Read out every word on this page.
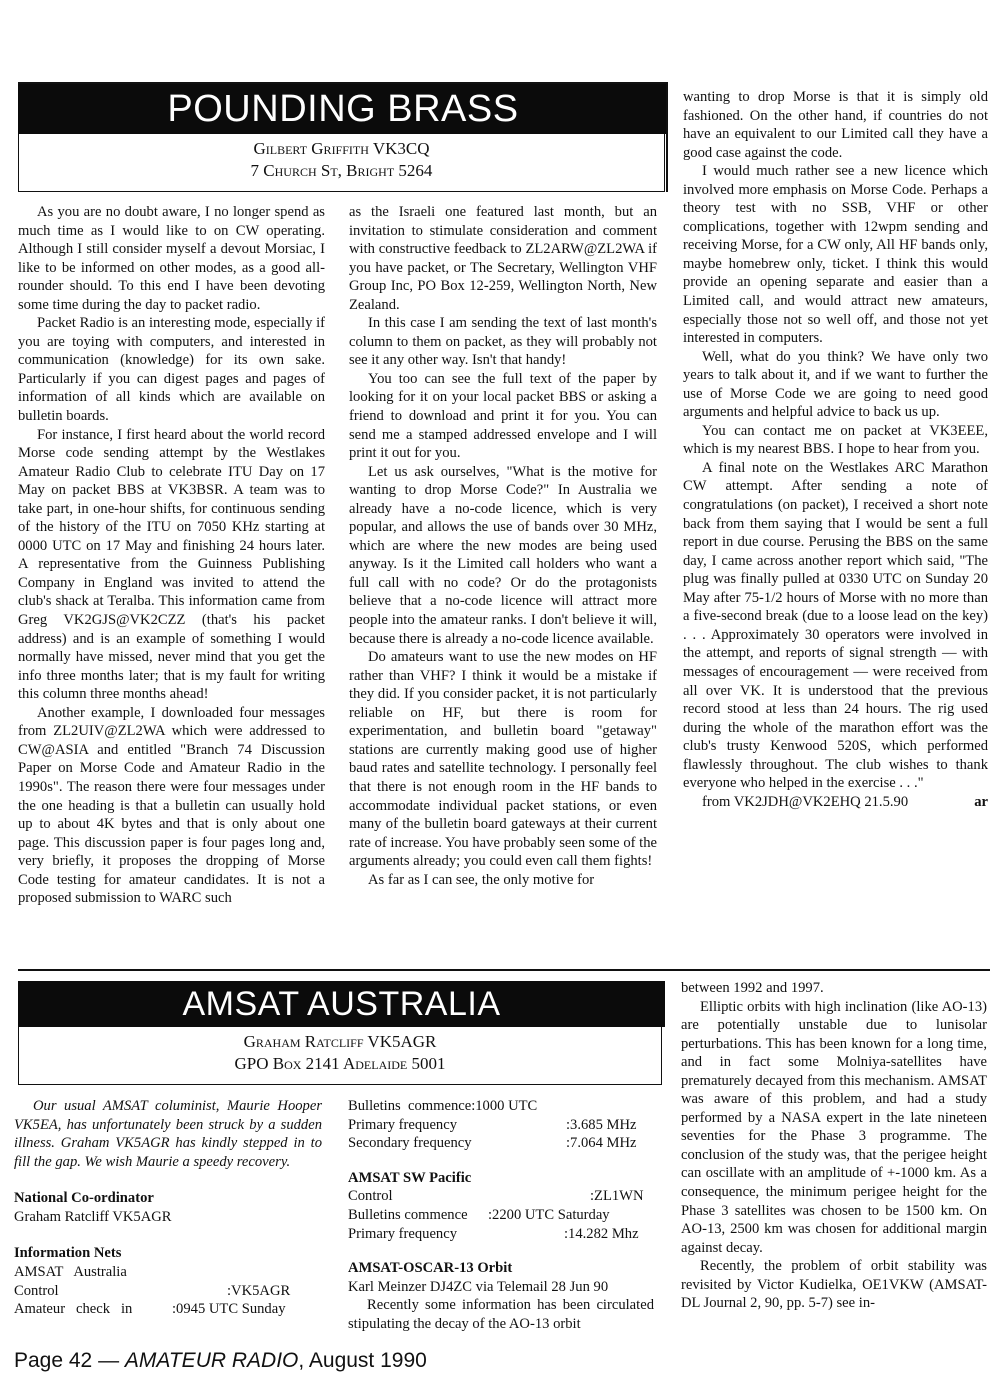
POUNDING BRASS
Gilbert Griffith VK3CQ
7 Church St, Bright 5264

As you are no doubt aware, I no longer spend as much time as I would like to on CW operating. Although I still consider myself a devout Morsiac, I like to be informed on other modes, as a good all-rounder should. To this end I have been devoting some time during the day to packet radio.

Packet Radio is an interesting mode, especially if you are toying with computers, and interested in communication (knowledge) for its own sake. Particularly if you can digest pages and pages of information of all kinds which are available on bulletin boards.

For instance, I first heard about the world record Morse code sending attempt by the Westlakes Amateur Radio Club to celebrate ITU Day on 17 May on packet BBS at VK3BSR. A team was to take part, in one-hour shifts, for continuous sending of the history of the ITU on 7050 KHz starting at 0000 UTC on 17 May and finishing 24 hours later. A representative from the Guinness Publishing Company in England was invited to attend the club's shack at Teralba. This information came from Greg VK2GJS@VK2CZZ (that's his packet address) and is an example of something I would normally have missed, never mind that you get the info three months later; that is my fault for writing this column three months ahead!

Another example, I downloaded four messages from ZL2UIV@ZL2WA which were addressed to CW@ASIA and entitled "Branch 74 Discussion Paper on Morse Code and Amateur Radio in the 1990s". The reason there were four messages under the one heading is that a bulletin can usually hold up to about 4K bytes and that is only about one page. This discussion paper is four pages long and, very briefly, it proposes the dropping of Morse Code testing for amateur candidates. It is not a proposed submission to WARC such

as the Israeli one featured last month, but an invitation to stimulate consideration and comment with constructive feedback to ZL2ARW@ZL2WA if you have packet, or The Secretary, Wellington VHF Group Inc, PO Box 12-259, Wellington North, New Zealand.

In this case I am sending the text of last month's column to them on packet, as they will probably not see it any other way. Isn't that handy!

You too can see the full text of the paper by looking for it on your local packet BBS or asking a friend to download and print it for you. You can send me a stamped addressed envelope and I will print it out for you.

Let us ask ourselves, "What is the motive for wanting to drop Morse Code?" In Australia we already have a no-code licence, which is very popular, and allows the use of bands over 30 MHz, which are where the new modes are being used anyway. Is it the Limited call holders who want a full call with no code? Or do the protagonists believe that a no-code licence will attract more people into the amateur ranks. I don't believe it will, because there is already a no-code licence available.

Do amateurs want to use the new modes on HF rather than VHF? I think it would be a mistake if they did. If you consider packet, it is not particularly reliable on HF, but there is room for experimentation, and bulletin board "getaway" stations are currently making good use of higher baud rates and satellite technology. I personally feel that there is not enough room in the HF bands to accommodate individual packet stations, or even many of the bulletin board gateways at their current rate of increase. You have probably seen some of the arguments already; you could even call them fights!

As far as I can see, the only motive for

wanting to drop Morse is that it is simply old fashioned. On the other hand, if countries do not have an equivalent to our Limited call they have a good case against the code.

I would much rather see a new licence which involved more emphasis on Morse Code. Perhaps a theory test with no SSB, VHF or other complications, together with 12wpm sending and receiving Morse, for a CW only, All HF bands only, maybe homebrew only, ticket. I think this would provide an opening separate and easier than a Limited call, and would attract new amateurs, especially those not so well off, and those not yet interested in computers.

Well, what do you think? We have only two years to talk about it, and if we want to further the use of Morse Code we are going to need good arguments and helpful advice to back us up.

You can contact me on packet at VK3EEE, which is my nearest BBS. I hope to hear from you.

A final note on the Westlakes ARC Marathon CW attempt. After sending a note of congratulations (on packet), I received a short note back from them saying that I would be sent a full report in due course. Perusing the BBS on the same day, I came across another report which said, "The plug was finally pulled at 0330 UTC on Sunday 20 May after 75-1/2 hours of Morse with no more than a five-second break (due to a loose lead on the key) . . . Approximately 30 operators were involved in the attempt, and reports of signal strength — with messages of encouragement — were received from all over VK. It is understood that the previous record stood at less than 24 hours. The rig used during the whole of the marathon effort was the club's trusty Kenwood 520S, which performed flawlessly throughout. The club wishes to thank everyone who helped in the exercise . . ."

from VK2JDH@VK2EHQ 21.5.90	ar
AMSAT AUSTRALIA
Graham Ratcliff VK5AGR
GPO Box 2141 Adelaide 5001

Our usual AMSAT columinist, Maurie Hooper VK5EA, has unfortunately been struck by a sudden illness. Graham VK5AGR has kindly stepped in to fill the gap. We wish Maurie a speedy recovery.

National Co-ordinator
Graham Ratcliff VK5AGR
Information Nets
AMSAT   Australia
Control	:VK5AGR
Amateur   check   in	:0945 UTC Sunday
Bulletins  commence:1000 UTC
Primary frequency	:3.685 MHz
Secondary frequency	:7.064 MHz
AMSAT SW Pacific
Control	:ZL1WN
Bulletins commence :2200 UTC Saturday
Primary frequency	:14.282 Mhz
AMSAT-OSCAR-13 Orbit
Karl Meinzer DJ4ZC via Telemail 28 Jun 90

Recently some information has been circulated stipulating the decay of the AO-13 orbit

between 1992 and 1997.

Elliptic orbits with high inclination (like AO-13) are potentially unstable due to lunisolar perturbations. This has been known for a long time, and in fact some Molniya-satellites have prematurely decayed from this mechanism. AMSAT was aware of this problem, and had a study performed by a NASA expert in the late nineteen seventies for the Phase 3 programme. The conclusion of the study was, that the perigee height can oscillate with an amplitude of +-1000 km. As a consequence, the minimum perigee height for the Phase 3 satellites was chosen to be 1500 km. On AO-13, 2500 km was chosen for additional margin against decay.

Recently, the problem of orbit stability was revisited by Victor Kudielka, OE1VKW (AMSAT-DL Journal 2, 90, pp. 5-7) see in-

Page 42 — AMATEUR RADIO, August 1990
